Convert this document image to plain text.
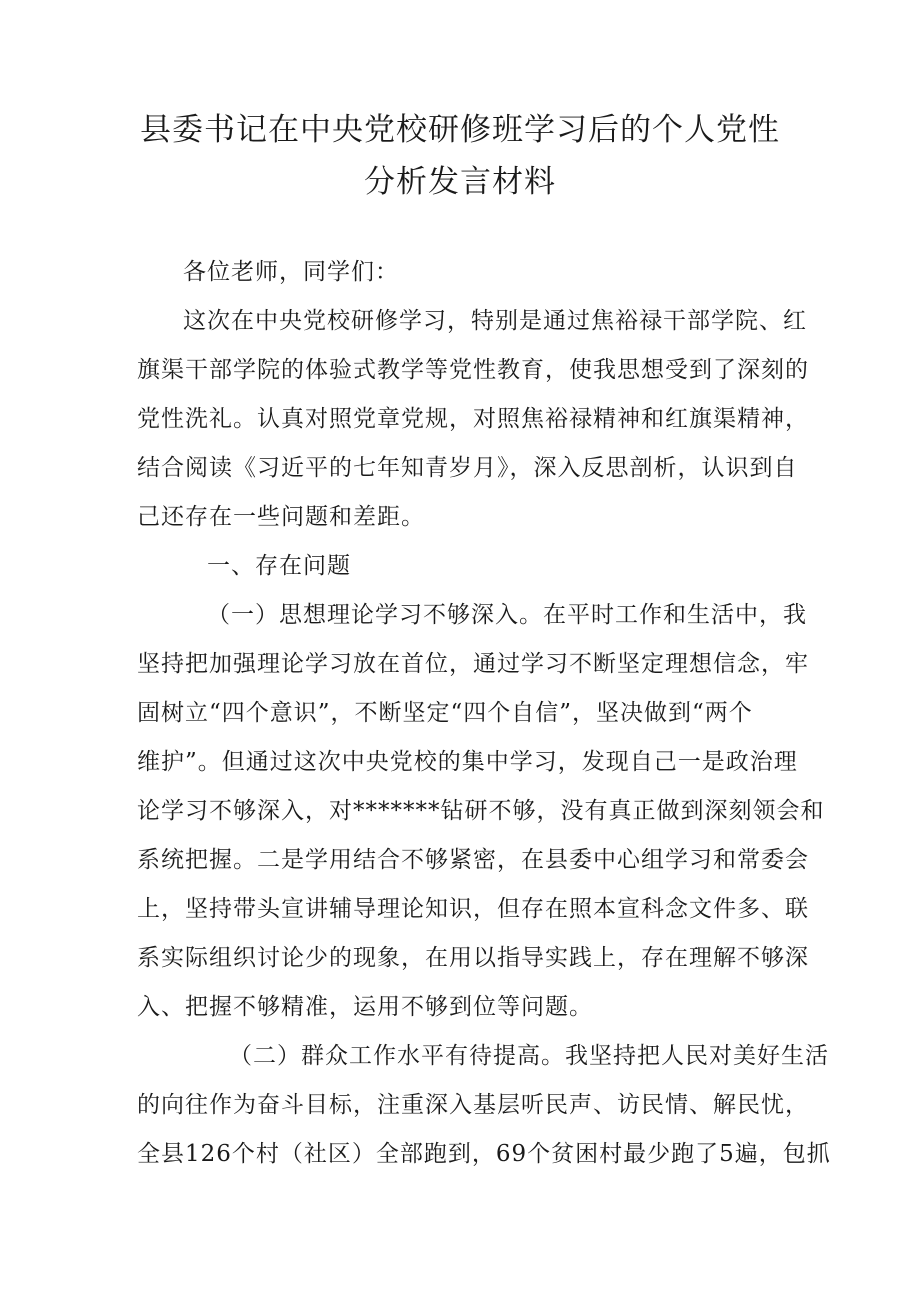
县委书记在中央党校研修班学习后的个人党性
分析发言材料
各位老师，同学们：
这次在中央党校研修学习，特别是通过焦裕禄干部学院、红
旗渠干部学院的体验式教学等党性教育，使我思想受到了深刻的
党性洗礼。认真对照党章党规，对照焦裕禄精神和红旗渠精神，
结合阅读《习近平的七年知青岁月》，深入反思剖析，认识到自
己还存在一些问题和差距。
一、存在问题
（一）思想理论学习不够深入。在平时工作和生活中，我
坚持把加强理论学习放在首位，通过学习不断坚定理想信念，牢
固树立“四个意识”，不断坚定“四个自信”，坚决做到“两个
维护”。但通过这次中央党校的集中学习，发现自己一是政治理
论学习不够深入，对*******钻研不够，没有真正做到深刻领会和
系统把握。二是学用结合不够紧密，在县委中心组学习和常委会
上，坚持带头宣讲辅导理论知识，但存在照本宣科念文件多、联
系实际组织讨论少的现象，在用以指导实践上，存在理解不够深
入、把握不够精准，运用不够到位等问题。
（二）群众工作水平有待提高。我坚持把人民对美好生活
的向往作为奋斗目标，注重深入基层听民声、访民情、解民忧，
全县126个村（社区）全部跑到，69个贫困村最少跑了5遍，包抓
